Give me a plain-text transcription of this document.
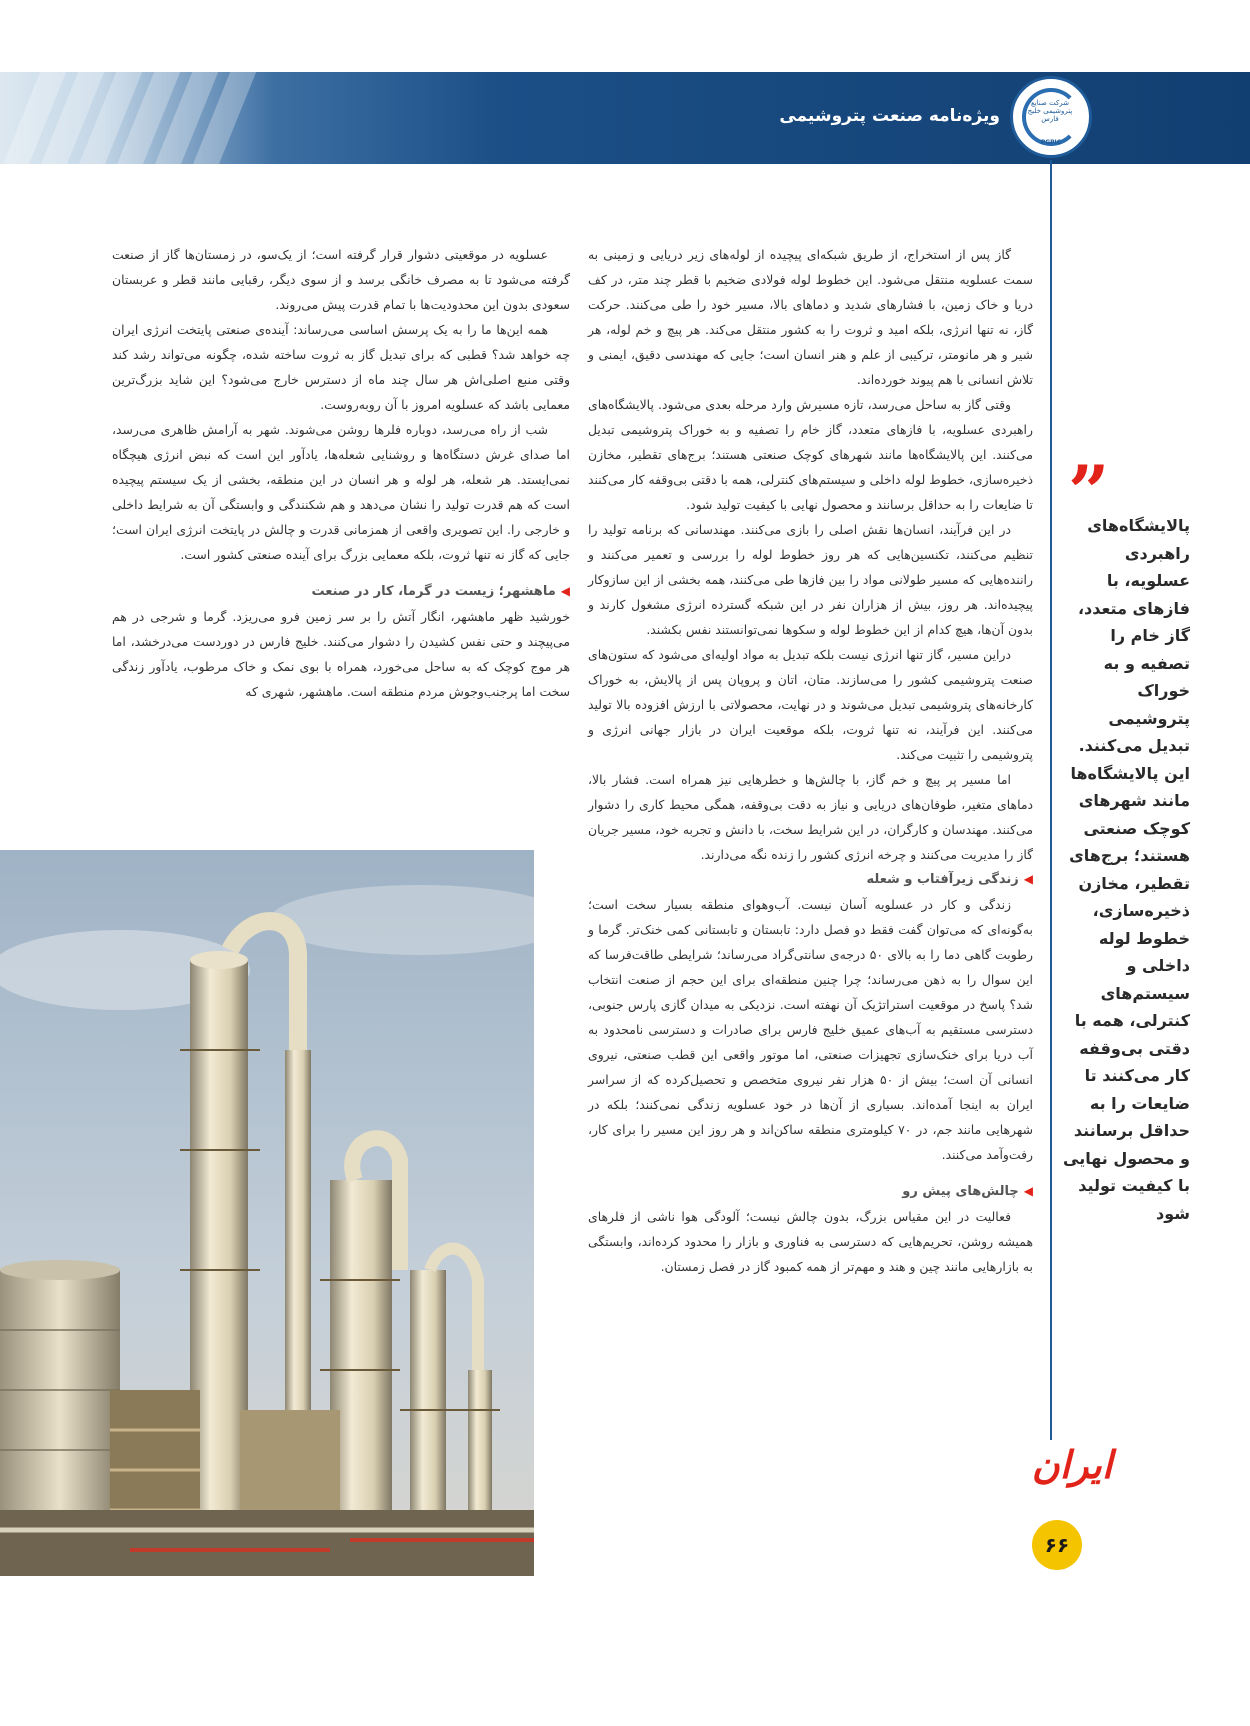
ویژه‌نامه صنعت پتروشیمی
شرکت صنایع پتروشیمی خلیج فارس
PGPIC
”
پالایشگاه‌های راهبردی عسلویه، با فازهای متعدد، گاز خام را تصفیه و به خوراک پتروشیمی تبدیل می‌کنند. این پالایشگاه‌ها مانند شهرهای کوچک صنعتی هستند؛ برج‌های تقطیر، مخازن ذخیره‌سازی، خطوط لوله داخلی و سیستم‌های کنترلی، همه با دقتی بی‌وقفه کار می‌کنند تا ضایعات را به حداقل برسانند و محصول نهایی با کیفیت تولید شود

گاز پس از استخراج، از طریق شبکه‌ای پیچیده از لوله‌های زیر دریایی و زمینی به سمت عسلویه منتقل می‌شود. این خطوط لوله فولادی ضخیم با قطر چند متر، در کف دریا و خاک زمین، با فشارهای شدید و دماهای بالا، مسیر خود را طی می‌کنند. حرکت گاز، نه تنها انرژی، بلکه امید و ثروت را به کشور منتقل می‌کند. هر پیچ و خم لوله، هر شیر و هر مانومتر، ترکیبی از علم و هنر انسان است؛ جایی که مهندسی دقیق، ایمنی و تلاش انسانی با هم پیوند خورده‌اند.

وقتی گاز به ساحل می‌رسد، تازه مسیرش وارد مرحله بعدی می‌شود. پالایشگاه‌های راهبردی عسلویه، با فازهای متعدد، گاز خام را تصفیه و به خوراک پتروشیمی تبدیل می‌کنند. این پالایشگاه‌ها مانند شهرهای کوچک صنعتی هستند؛ برج‌های تقطیر، مخازن ذخیره‌سازی، خطوط لوله داخلی و سیستم‌های کنترلی، همه با دقتی بی‌وقفه کار می‌کنند تا ضایعات را به حداقل برسانند و محصول نهایی با کیفیت تولید شود.

در این فرآیند، انسان‌ها نقش اصلی را بازی می‌کنند. مهندسانی که برنامه تولید را تنظیم می‌کنند، تکنسین‌هایی که هر روز خطوط لوله را بررسی و تعمیر می‌کنند و راننده‌هایی که مسیر طولانی مواد را بین فازها طی می‌کنند، همه بخشی از این سازوکار پیچیده‌اند. هر روز، بیش از هزاران نفر در این شبکه گسترده انرژی مشغول کارند و بدون آن‌ها، هیچ کدام از این خطوط لوله و سکوها نمی‌توانستند نفس بکشند.

دراین مسیر، گاز تنها انرژی نیست بلکه تبدیل به مواد اولیه‌ای می‌شود که ستون‌های صنعت پتروشیمی کشور را می‌سازند. متان، اتان و پروپان پس از پالایش، به خوراک کارخانه‌های پتروشیمی تبدیل می‌شوند و در نهایت، محصولاتی با ارزش افزوده بالا تولید می‌کنند. این فرآیند، نه تنها ثروت، بلکه موقعیت ایران در بازار جهانی انرژی و پتروشیمی را تثبیت می‌کند.

اما مسیر پر پیچ و خم گاز، با چالش‌ها و خطرهایی نیز همراه است. فشار بالا، دماهای متغیر، طوفان‌های دریایی و نیاز به دقت بی‌وقفه، همگی محیط کاری را دشوار می‌کنند. مهندسان و کارگران، در این شرایط سخت، با دانش و تجربه خود، مسیر جریان گاز را مدیریت می‌کنند و چرخه انرژی کشور را زنده نگه می‌دارند.

◀زندگی زیرآفتاب و شعله

زندگی و کار در عسلویه آسان نیست. آب‌وهوای منطقه بسیار سخت است؛ به‌گونه‌ای که می‌توان گفت فقط دو فصل دارد: تابستان و تابستانی کمی خنک‌تر. گرما و رطوبت گاهی دما را به بالای ۵۰ درجه‌ی سانتی‌گراد می‌رساند؛ شرایطی طاقت‌فرسا که این سوال را به ذهن می‌رساند؛ چرا چنین منطقه‌ای برای این حجم از صنعت انتخاب شد؟ پاسخ در موقعیت استراتژیک آن نهفته است. نزدیکی به میدان گازی پارس جنوبی، دسترسی مستقیم به آب‌های عمیق خلیج فارس برای صادرات و دسترسی نامحدود به آب دریا برای خنک‌سازی تجهیزات صنعتی، اما موتور واقعی این قطب صنعتی، نیروی انسانی آن است؛ بیش از ۵۰ هزار نفر نیروی متخصص و تحصیل‌کرده که از سراسر ایران به اینجا آمده‌اند. بسیاری از آن‌ها در خود عسلویه زندگی نمی‌کنند؛ بلکه در شهرهایی مانند جم، در ۷۰ کیلومتری منطقه ساکن‌اند و هر روز این مسیر را برای کار، رفت‌وآمد می‌کنند.

◀چالش‌های پیش رو

فعالیت در این مقیاس بزرگ، بدون چالش نیست؛ آلودگی هوا ناشی از فلرهای همیشه روشن، تحریم‌هایی که دسترسی به فناوری و بازار را محدود کرده‌اند، وابستگی به بازارهایی مانند چین و هند و مهم‌تر از همه کمبود گاز در فصل زمستان.

عسلویه در موقعیتی دشوار قرار گرفته است؛ از یک‌سو، در زمستان‌ها گاز از صنعت گرفته می‌شود تا به مصرف خانگی برسد و از سوی دیگر، رقبایی مانند قطر و عربستان سعودی بدون این محدودیت‌ها با تمام قدرت پیش می‌روند.

همه این‌ها ما را به یک پرسش اساسی می‌رساند: آینده‌ی صنعتی پایتخت انرژی ایران چه خواهد شد؟ قطبی که برای تبدیل گاز به ثروت ساخته شده، چگونه می‌تواند رشد کند وقتی منبع اصلی‌اش هر سال چند ماه از دسترس خارج می‌شود؟ این شاید بزرگ‌ترین معمایی باشد که عسلویه امروز با آن روبه‌روست.

شب از راه می‌رسد، دوباره فلرها روشن می‌شوند. شهر به آرامش ظاهری می‌رسد، اما صدای غرش دستگاه‌ها و روشنایی شعله‌ها، یادآور این است که نبض انرژی هیچگاه نمی‌ایستد. هر شعله، هر لوله و هر انسان در این منطقه، بخشی از یک سیستم پیچیده است که هم قدرت تولید را نشان می‌دهد و هم شکنندگی و وابستگی آن به شرایط داخلی و خارجی را. این تصویری واقعی از همزمانی قدرت و چالش در پایتخت انرژی ایران است؛ جایی که گاز نه تنها ثروت، بلکه معمایی بزرگ برای آینده صنعتی کشور است.

◀ماهشهر؛ زیست در گرما، کار در صنعت

خورشید ظهر ماهشهر، انگار آتش را بر سر زمین فرو می‌ریزد. گرما و شرجی در هم می‌پیچند و حتی نفس کشیدن را دشوار می‌کنند. خلیج فارس در دوردست می‌درخشد، اما هر موج کوچک که به ساحل می‌خورد، همراه با بوی نمک و خاک مرطوب، یادآور زندگی سخت اما پرجنب‌وجوش مردم منطقه است. ماهشهر، شهری که

ایران
۶۶
